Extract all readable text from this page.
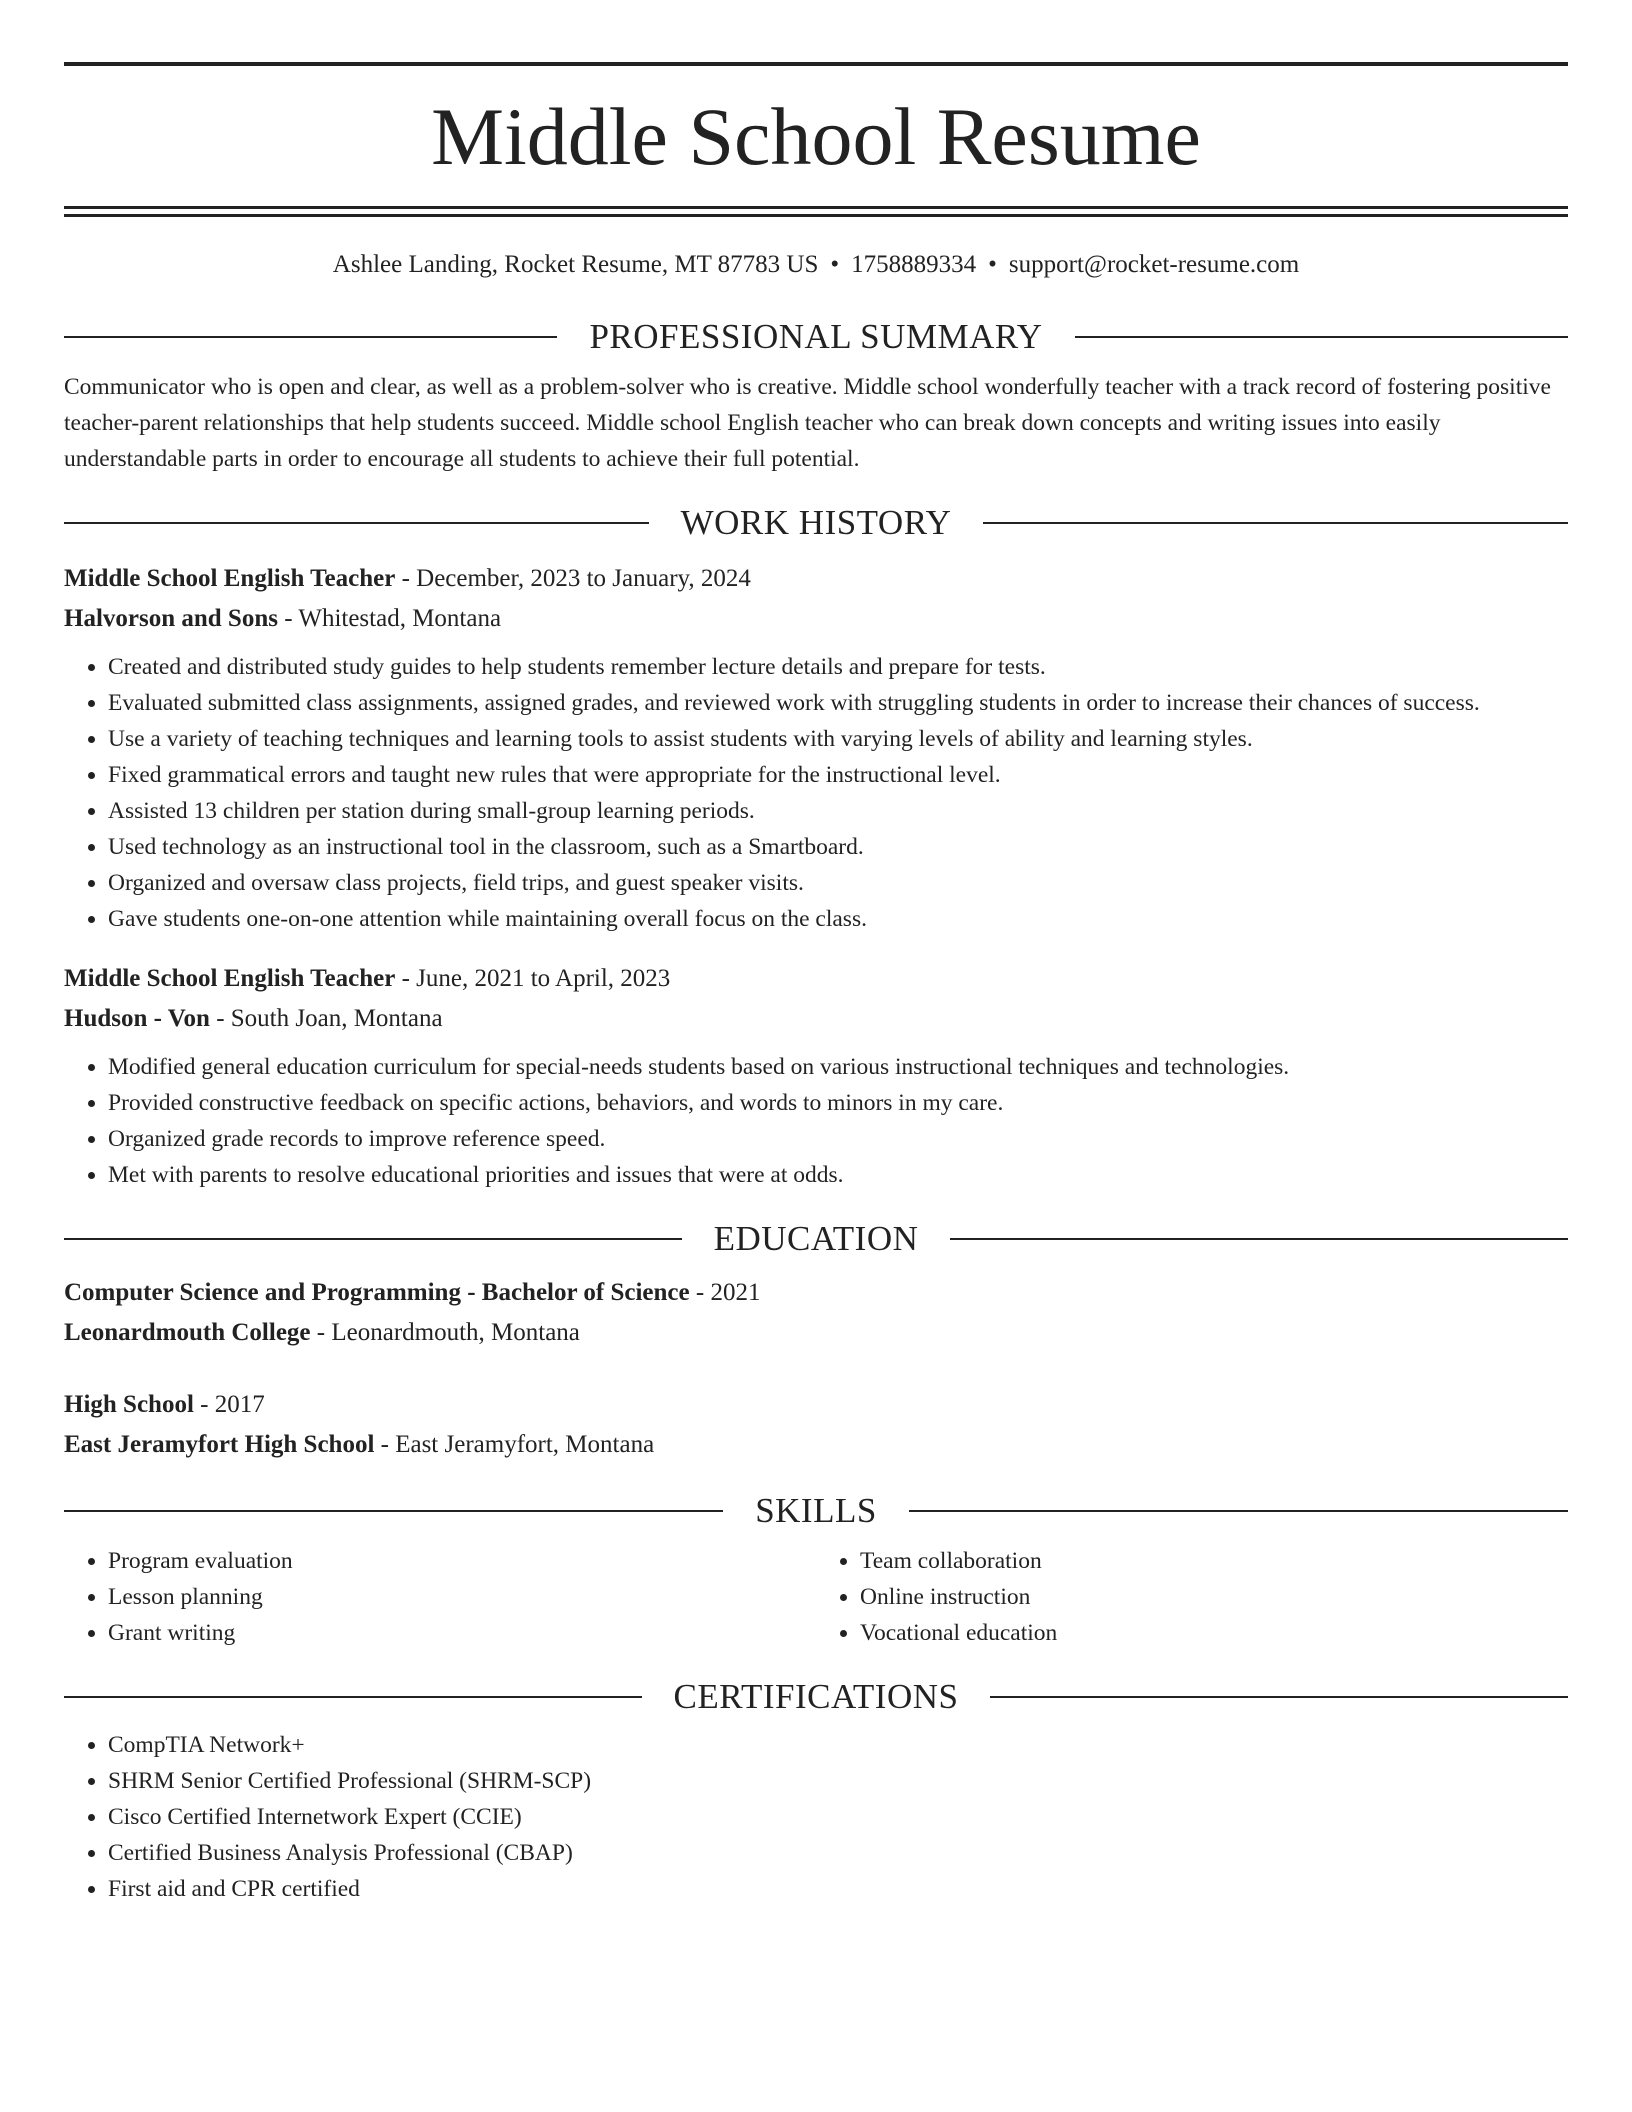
Middle School Resume
Ashlee Landing, Rocket Resume, MT 87783 US • 1758889334 • support@rocket-resume.com
PROFESSIONAL SUMMARY
Communicator who is open and clear, as well as a problem-solver who is creative. Middle school wonderfully teacher with a track record of fostering positive teacher-parent relationships that help students succeed. Middle school English teacher who can break down concepts and writing issues into easily understandable parts in order to encourage all students to achieve their full potential.
WORK HISTORY
Middle School English Teacher - December, 2023 to January, 2024
Halvorson and Sons - Whitestad, Montana
• Created and distributed study guides to help students remember lecture details and prepare for tests.
• Evaluated submitted class assignments, assigned grades, and reviewed work with struggling students in order to increase their chances of success.
• Use a variety of teaching techniques and learning tools to assist students with varying levels of ability and learning styles.
• Fixed grammatical errors and taught new rules that were appropriate for the instructional level.
• Assisted 13 children per station during small-group learning periods.
• Used technology as an instructional tool in the classroom, such as a Smartboard.
• Organized and oversaw class projects, field trips, and guest speaker visits.
• Gave students one-on-one attention while maintaining overall focus on the class.
Middle School English Teacher - June, 2021 to April, 2023
Hudson - Von - South Joan, Montana
• Modified general education curriculum for special-needs students based on various instructional techniques and technologies.
• Provided constructive feedback on specific actions, behaviors, and words to minors in my care.
• Organized grade records to improve reference speed.
• Met with parents to resolve educational priorities and issues that were at odds.
EDUCATION
Computer Science and Programming - Bachelor of Science - 2021
Leonardmouth College - Leonardmouth, Montana
High School - 2017
East Jeramyfort High School - East Jeramyfort, Montana
SKILLS
• Program evaluation
• Lesson planning
• Grant writing
• Team collaboration
• Online instruction
• Vocational education
CERTIFICATIONS
• CompTIA Network+
• SHRM Senior Certified Professional (SHRM-SCP)
• Cisco Certified Internetwork Expert (CCIE)
• Certified Business Analysis Professional (CBAP)
• First aid and CPR certified
